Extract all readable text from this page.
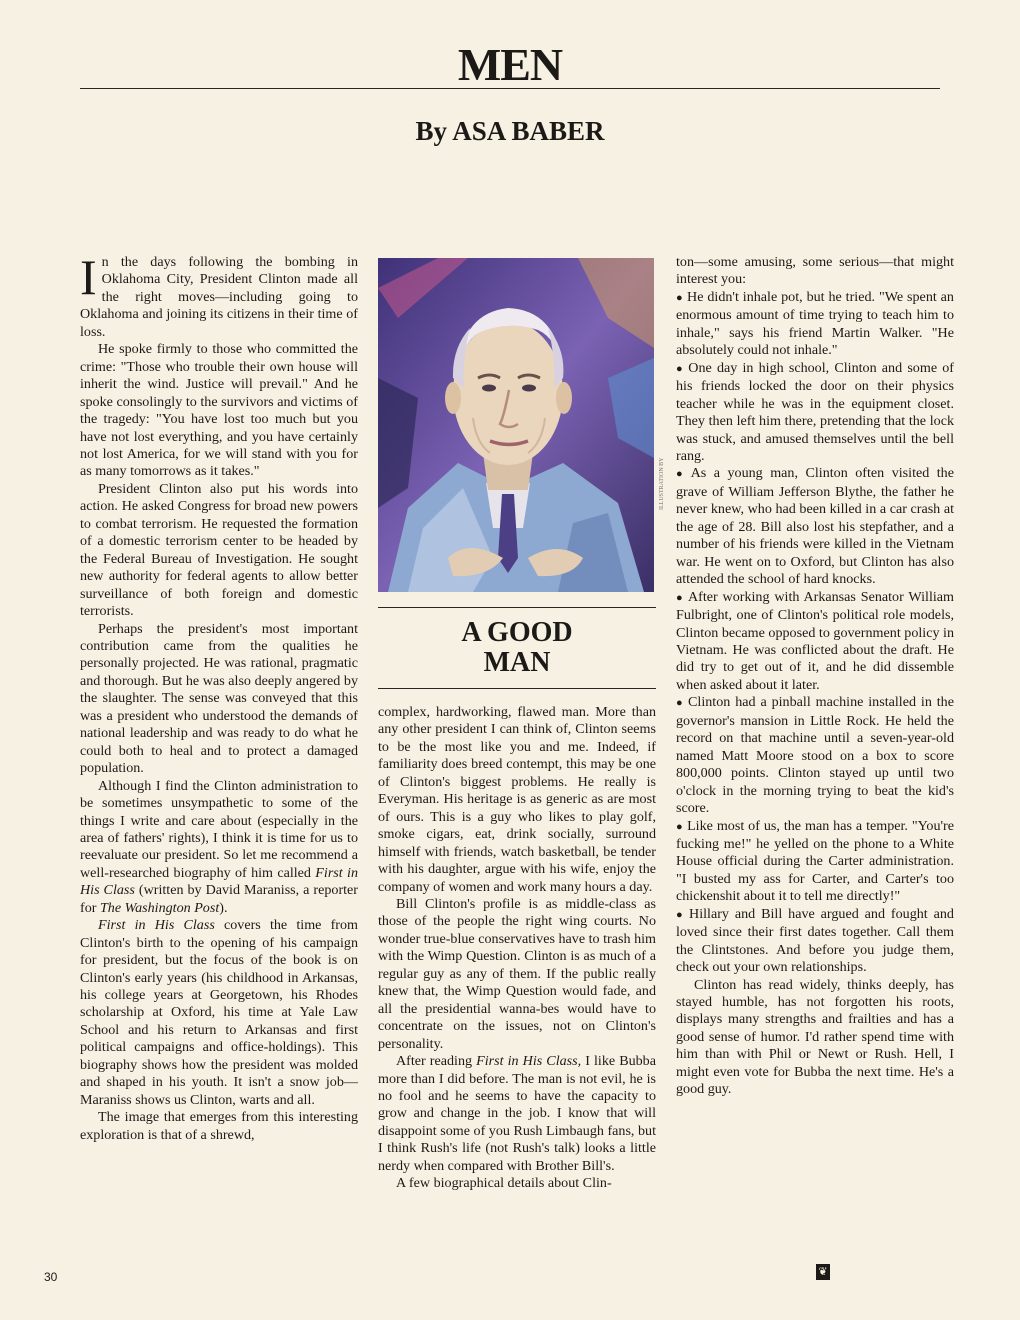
MEN
By ASA BABER

In the days following the bombing in Oklahoma City, President Clinton made all the right moves—including going to Oklahoma and joining its citizens in their time of loss.

He spoke firmly to those who committed the crime: "Those who trouble their own house will inherit the wind. Justice will prevail." And he spoke consolingly to the survivors and victims of the tragedy: "You have lost too much but you have not lost everything, and you have certainly not lost America, for we will stand with you for as many tomorrows as it takes."

President Clinton also put his words into action. He asked Congress for broad new powers to combat terrorism. He requested the formation of a domestic terrorism center to be headed by the Federal Bureau of Investigation. He sought new authority for federal agents to allow better surveillance of both foreign and domestic terrorists.

Perhaps the president's most important contribution came from the qualities he personally projected. He was rational, pragmatic and thorough. But he was also deeply angered by the slaughter. The sense was conveyed that this was a president who understood the demands of national leadership and was ready to do what he could both to heal and to protect a damaged population.

Although I find the Clinton administration to be sometimes unsympathetic to some of the things I write and care about (especially in the area of fathers' rights), I think it is time for us to reevaluate our president. So let me recommend a well-researched biography of him called First in His Class (written by David Maraniss, a reporter for The Washington Post).

First in His Class covers the time from Clinton's birth to the opening of his campaign for president, but the focus of the book is on Clinton's early years (his childhood in Arkansas, his college years at Georgetown, his Rhodes scholarship at Oxford, his time at Yale Law School and his return to Arkansas and first political campaigns and office-holdings). This biography shows how the president was molded and shaped in his youth. It isn't a snow job—Maraniss shows us Clinton, warts and all.

The image that emerges from this interesting exploration is that of a shrewd,

ILLUSTRATION BY
A GOOD
MAN

complex, hardworking, flawed man. More than any other president I can think of, Clinton seems to be the most like you and me. Indeed, if familiarity does breed contempt, this may be one of Clinton's biggest problems. He really is Everyman. His heritage is as generic as are most of ours. This is a guy who likes to play golf, smoke cigars, eat, drink socially, surround himself with friends, watch basketball, be tender with his daughter, argue with his wife, enjoy the company of women and work many hours a day.

Bill Clinton's profile is as middle-class as those of the people the right wing courts. No wonder true-blue conservatives have to trash him with the Wimp Question. Clinton is as much of a regular guy as any of them. If the public really knew that, the Wimp Question would fade, and all the presidential wanna-bes would have to concentrate on the issues, not on Clinton's personality.

After reading First in His Class, I like Bubba more than I did before. The man is not evil, he is no fool and he seems to have the capacity to grow and change in the job. I know that will disappoint some of you Rush Limbaugh fans, but I think Rush's life (not Rush's talk) looks a little nerdy when compared with Brother Bill's.

A few biographical details about Clin-

ton—some amusing, some serious—that might interest you:

● He didn't inhale pot, but he tried. "We spent an enormous amount of time trying to teach him to inhale," says his friend Martin Walker. "He absolutely could not inhale."

● One day in high school, Clinton and some of his friends locked the door on their physics teacher while he was in the equipment closet. They then left him there, pretending that the lock was stuck, and amused themselves until the bell rang.

● As a young man, Clinton often visited the grave of William Jefferson Blythe, the father he never knew, who had been killed in a car crash at the age of 28. Bill also lost his stepfather, and a number of his friends were killed in the Vietnam war. He went on to Oxford, but Clinton has also attended the school of hard knocks.

● After working with Arkansas Senator William Fulbright, one of Clinton's political role models, Clinton became opposed to government policy in Vietnam. He was conflicted about the draft. He did try to get out of it, and he did dissemble when asked about it later.

● Clinton had a pinball machine installed in the governor's mansion in Little Rock. He held the record on that machine until a seven-year-old named Matt Moore stood on a box to score 800,000 points. Clinton stayed up until two o'clock in the morning trying to beat the kid's score.

● Like most of us, the man has a temper. "You're fucking me!" he yelled on the phone to a White House official during the Carter administration. "I busted my ass for Carter, and Carter's too chickenshit about it to tell me directly!"

● Hillary and Bill have argued and fought and loved since their first dates together. Call them the Clintstones. And before you judge them, check out your own relationships.

Clinton has read widely, thinks deeply, has stayed humble, has not forgotten his roots, displays many strengths and frailties and has a good sense of humor. I'd rather spend time with him than with Phil or Newt or Rush. Hell, I might even vote for Bubba the next time. He's a good guy.

30	❦
